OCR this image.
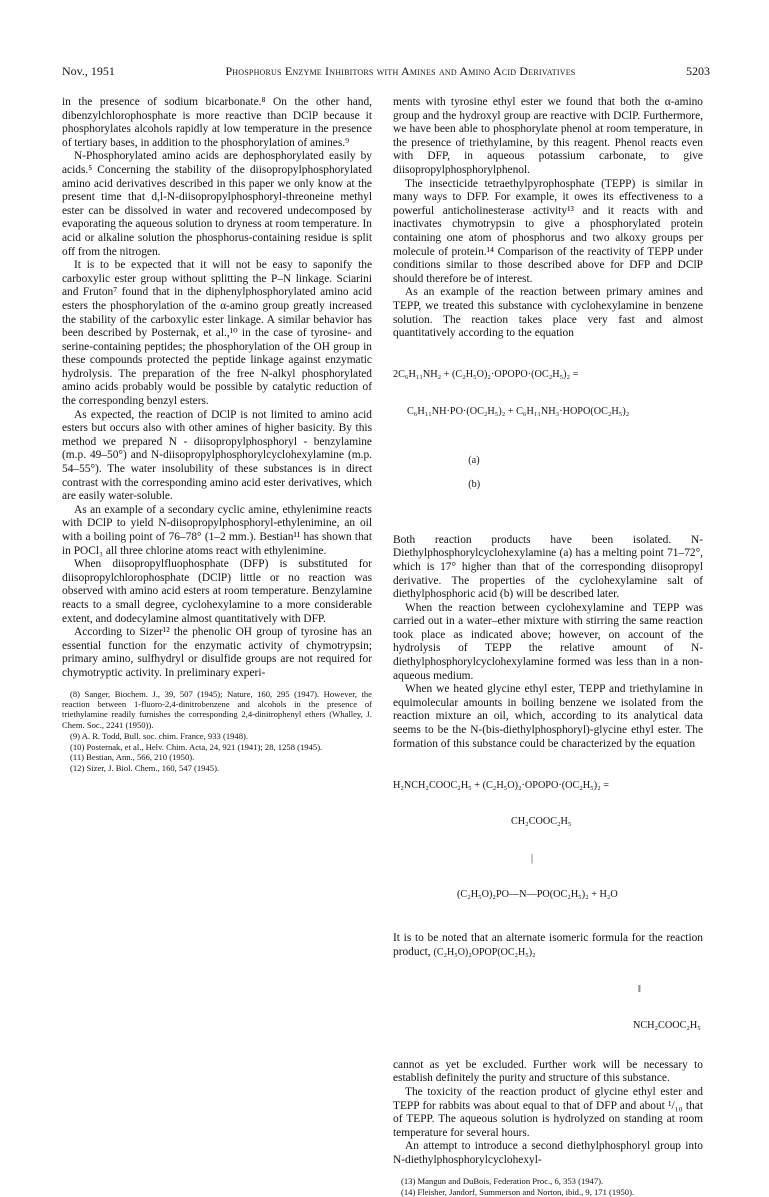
Nov., 1951	Phosphorus Enzyme Inhibitors with Amines and Amino Acid Derivatives	5203

in the presence of sodium bicarbonate.⁸ On the other hand, dibenzylchlorophosphate is more reactive than DClP because it phosphorylates alcohols rapidly at low temperature in the presence of tertiary bases, in addition to the phosphorylation of amines.⁹

N-Phosphorylated amino acids are dephosphorylated easily by acids.⁵ Concerning the stability of the diisopropylphosphorylated amino acid derivatives described in this paper we only know at the present time that d,l-N-diisopropylphosphoryl-threoneine methyl ester can be dissolved in water and recovered undecomposed by evaporating the aqueous solution to dryness at room temperature. In acid or alkaline solution the phosphorus-containing residue is split off from the nitrogen.

It is to be expected that it will not be easy to saponify the carboxylic ester group without splitting the P–N linkage. Sciarini and Fruton⁷ found that in the diphenylphosphorylated amino acid esters the phosphorylation of the α-amino group greatly increased the stability of the carboxylic ester linkage. A similar behavior has been described by Posternak, et al.,¹⁰ in the case of tyrosine- and serine-containing peptides; the phosphorylation of the OH group in these compounds protected the peptide linkage against enzymatic hydrolysis. The preparation of the free N-alkyl phosphorylated amino acids probably would be possible by catalytic reduction of the corresponding benzyl esters.

As expected, the reaction of DClP is not limited to amino acid esters but occurs also with other amines of higher basicity. By this method we prepared N - diisopropylphosphoryl - benzylamine (m.p. 49–50°) and N-diisopropylphosphorylcyclohexylamine (m.p. 54–55°). The water insolubility of these substances is in direct contrast with the corresponding amino acid ester derivatives, which are easily water-soluble.

As an example of a secondary cyclic amine, ethylenimine reacts with DClP to yield N-diisopropylphosphoryl-ethylenimine, an oil with a boiling point of 76–78° (1–2 mm.). Bestian¹¹ has shown that in POCl₃ all three chlorine atoms react with ethylenimine.

When diisopropylfluophosphate (DFP) is substituted for diisopropylchlorophosphate (DClP) little or no reaction was observed with amino acid esters at room temperature. Benzylamine reacts to a small degree, cyclohexylamine to a more considerable extent, and dodecylamine almost quantitatively with DFP.

According to Sizer¹² the phenolic OH group of tyrosine has an essential function for the enzymatic activity of chymotrypsin; primary amino, sulfhydryl or disulfide groups are not required for chymotryptic activity. In preliminary experi-

(8) Sanger, Biochem. J., 39, 507 (1945); Nature, 160, 295 (1947). However, the reaction between 1-fluoro-2,4-dinitrobenzene and alcohols in the presence of triethylamine readily furnishes the corresponding 2,4-dinitrophenyl ethers (Whalley, J. Chem. Soc., 2241 (1950)).
(9) A. R. Todd, Bull. soc. chim. France, 933 (1948).
(10) Posternak, et al., Helv. Chim. Acta, 24, 921 (1941); 28, 1258 (1945).
(11) Bestian, Ann., 566, 210 (1950).
(12) Sizer, J. Biol. Chem., 160, 547 (1945).

ments with tyrosine ethyl ester we found that both the α-amino group and the hydroxyl group are reactive with DClP. Furthermore, we have been able to phosphorylate phenol at room temperature, in the presence of triethylamine, by this reagent. Phenol reacts even with DFP, in aqueous potassium carbonate, to give diisopropylphosphorylphenol.

The insecticide tetraethylpyrophosphate (TEPP) is similar in many ways to DFP. For example, it owes its effectiveness to a powerful anticholinesterase activity¹³ and it reacts with and inactivates chymotrypsin to give a phosphorylated protein containing one atom of phosphorus and two alkoxy groups per molecule of protein.¹⁴ Comparison of the reactivity of TEPP under conditions similar to those described above for DFP and DClP should therefore be of interest.

As an example of the reaction between primary amines and TEPP, we treated this substance with cyclohexylamine in benzene solution. The reaction takes place very fast and almost quantitatively according to the equation

2C₆H₁₁NH₂ + (C₂H₅O)₂·OPOPO·(OC₂H₅)₂ =

C₆H₁₁NH·PO·(OC₂H₅)₂ + C₆H₁₁NH₃·HOPO(OC₂H₅)₂

(a)

(b)

Both reaction products have been isolated. N-Diethylphosphorylcyclohexylamine (a) has a melting point 71–72°, which is 17° higher than that of the corresponding diisopropyl derivative. The properties of the cyclohexylamine salt of diethylphosphoric acid (b) will be described later.

When the reaction between cyclohexylamine and TEPP was carried out in a water–ether mixture with stirring the same reaction took place as indicated above; however, on account of the hydrolysis of TEPP the relative amount of N-diethylphosphorylcyclohexylamine formed was less than in a non-aqueous medium.

When we heated glycine ethyl ester, TEPP and triethylamine in equimolecular amounts in boiling benzene we isolated from the reaction mixture an oil, which, according to its analytical data seems to be the N-(bis-diethylphosphoryl)-glycine ethyl ester. The formation of this substance could be characterized by the equation

H₂NCH₂COOC₂H₅ + (C₂H₅O)₂·OPOPO·(OC₂H₅)₂ =

CH₂COOC₂H₅

|

(C₂H₅O)₂PO—N—PO(OC₂H₅)₂ + H₂O

It is to be noted that an alternate isomeric formula for the reaction product, (C₂H₅O)₂OPOP(OC₂H₅)₂

‖

NCH₂COOC₂H₅

cannot as yet be excluded. Further work will be necessary to establish definitely the purity and structure of this substance.

The toxicity of the reaction product of glycine ethyl ester and TEPP for rabbits was about equal to that of DFP and about ¹/₁₀ that of TEPP. The aqueous solution is hydrolyzed on standing at room temperature for several hours.

An attempt to introduce a second diethylphosphoryl group into N-diethylphosphorylcyclohexyl-

(13) Mangun and DuBois, Federation Proc., 6, 353 (1947).
(14) Fleisher, Jandorf, Summerson and Norton, ibid., 9, 171 (1950).
